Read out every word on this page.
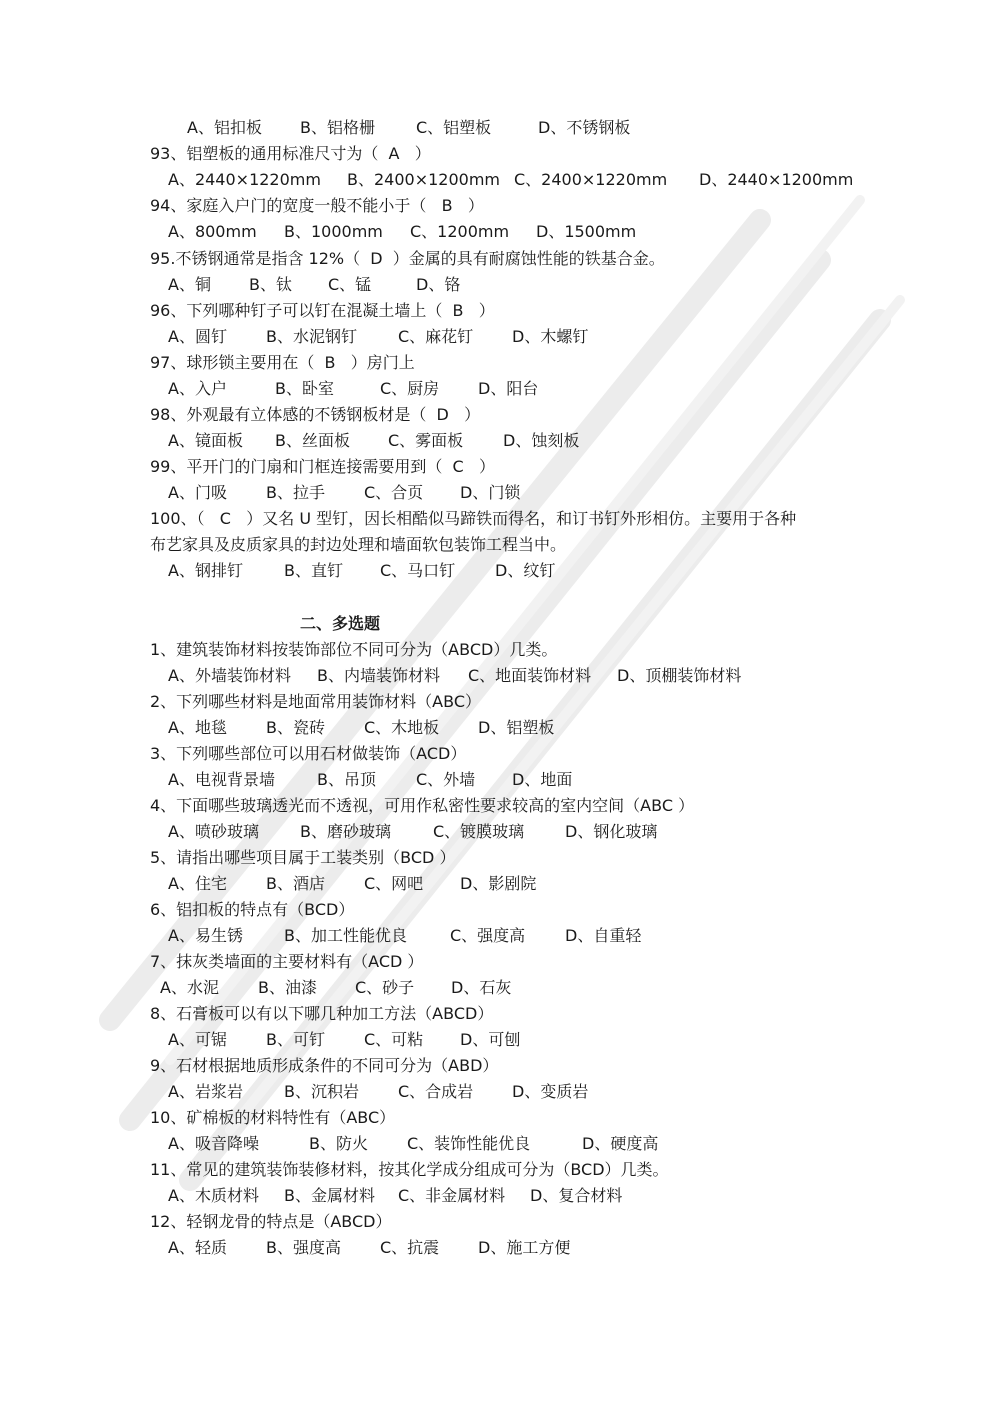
A、铝扣板 B、铝格栅	C、铝塑板	D、不锈钢板
93、铝塑板的通用标准尺寸为（  A   ）
A、2440×1220mm B、2400×1200mm C、2400×1220mm D、2440×1200mm
94、家庭入户门的宽度一般不能小于（   B   ）
A、800mm B、1000mm C、1200mm D、1500mm
95.不锈钢通常是指含 12%（  D  ）金属的具有耐腐蚀性能的铁基合金。
A、铜 B、钛 C、锰	D、铬
96、下列哪种钉子可以钉在混凝土墙上（  B   ）
A、圆钉 B、水泥钢钉	C、麻花钉 D、木螺钉
97、球形锁主要用在（  B   ）房门上
A、入户	B、卧室	C、厨房 D、阳台
98、外观最有立体感的不锈钢板材是（  D   ）
A、镜面板 B、丝面板 C、雾面板 D、蚀刻板
99、平开门的门扇和门框连接需要用到（  C   ）
A、门吸 B、拉手 C、合页 D、门锁
100、（   C   ）又名 U 型钉，因长相酷似马蹄铁而得名，和订书钉外形相仿。主要用于各种
布艺家具及皮质家具的封边处理和墙面软包装饰工程当中。
A、钢排钉	B、直钉 C、马口钉 D、纹钉
二、多选题
1、建筑装饰材料按装饰部位不同可分为（ABCD）几类。
A、外墙装饰材料 B、内墙装饰材料 C、地面装饰材料 D、顶棚装饰材料
2、下列哪些材料是地面常用装饰材料（ABC）
A、地毯 B、瓷砖 C、木地板 D、铝塑板
3、下列哪些部位可以用石材做装饰（ACD）
A、电视背景墙	B、吊顶	C、外墙 D、地面
4、下面哪些玻璃透光而不透视，可用作私密性要求较高的室内空间（ABC ）
A、喷砂玻璃	B、磨砂玻璃	C、镀膜玻璃	D、钢化玻璃
5、请指出哪些项目属于工装类别（BCD ）
A、住宅 B、酒店 C、网吧 D、影剧院
6、铝扣板的特点有（BCD）
A、易生锈	B、加工性能优良	C、强度高 D、自重轻
7、抹灰类墙面的主要材料有（ACD ）
A、水泥 B、油漆 C、砂子 D、石灰
8、石膏板可以有以下哪几种加工方法（ABCD）
A、可锯 B、可钉 C、可粘 D、可刨
9、石材根据地质形成条件的不同可分为（ABD）
A、岩浆岩	B、沉积岩 C、合成岩 D、变质岩
10、矿棉板的材料特性有（ABC）
A、吸音降噪	B、防火 C、装饰性能优良	D、硬度高
11、常见的建筑装饰装修材料，按其化学成分组成可分为（BCD）几类。
A、木质材料 B、金属材料 C、非金属材料 D、复合材料
12、轻钢龙骨的特点是（ABCD）
A、轻质 B、强度高 C、抗震 D、施工方便
